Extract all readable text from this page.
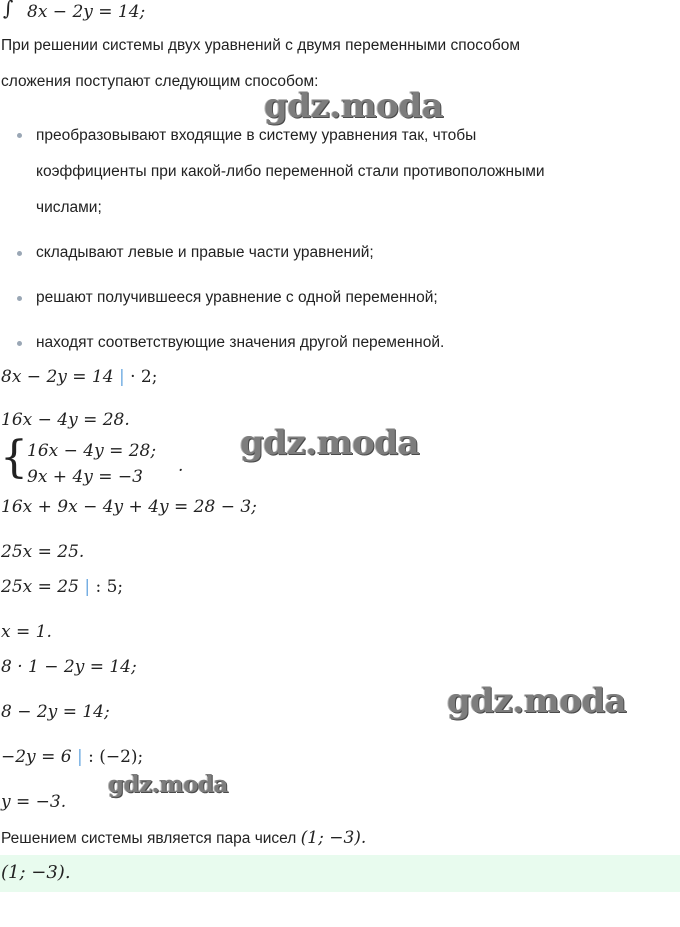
∫ 8x − 2y = 14;
При решении системы двух уравнений с двумя переменными способом
сложения поступают следующим способом:
преобразовывают входящие в систему уравнения так, чтобы
коэффициенты при какой-либо переменной стали противоположными
числами;
складывают левые и правые части уравнений;
решают получившееся уравнение с одной переменной;
находят соответствующие значения другой переменной.
8x − 2y = 14 | · 2;
16x − 4y = 28.
{ 16x − 4y = 28;
9x + 4y = −3
.
16x + 9x − 4y + 4y = 28 − 3;
25x = 25.
25x = 25 | : 5;
x = 1.
8 · 1 − 2y = 14;
8 − 2y = 14;
−2y = 6 | : (−2);
y = −3.
Решением системы является пара чисел (1; −3).
(1; −3).
gdz.moda
gdz.moda
gdz.moda
gdz.moda
